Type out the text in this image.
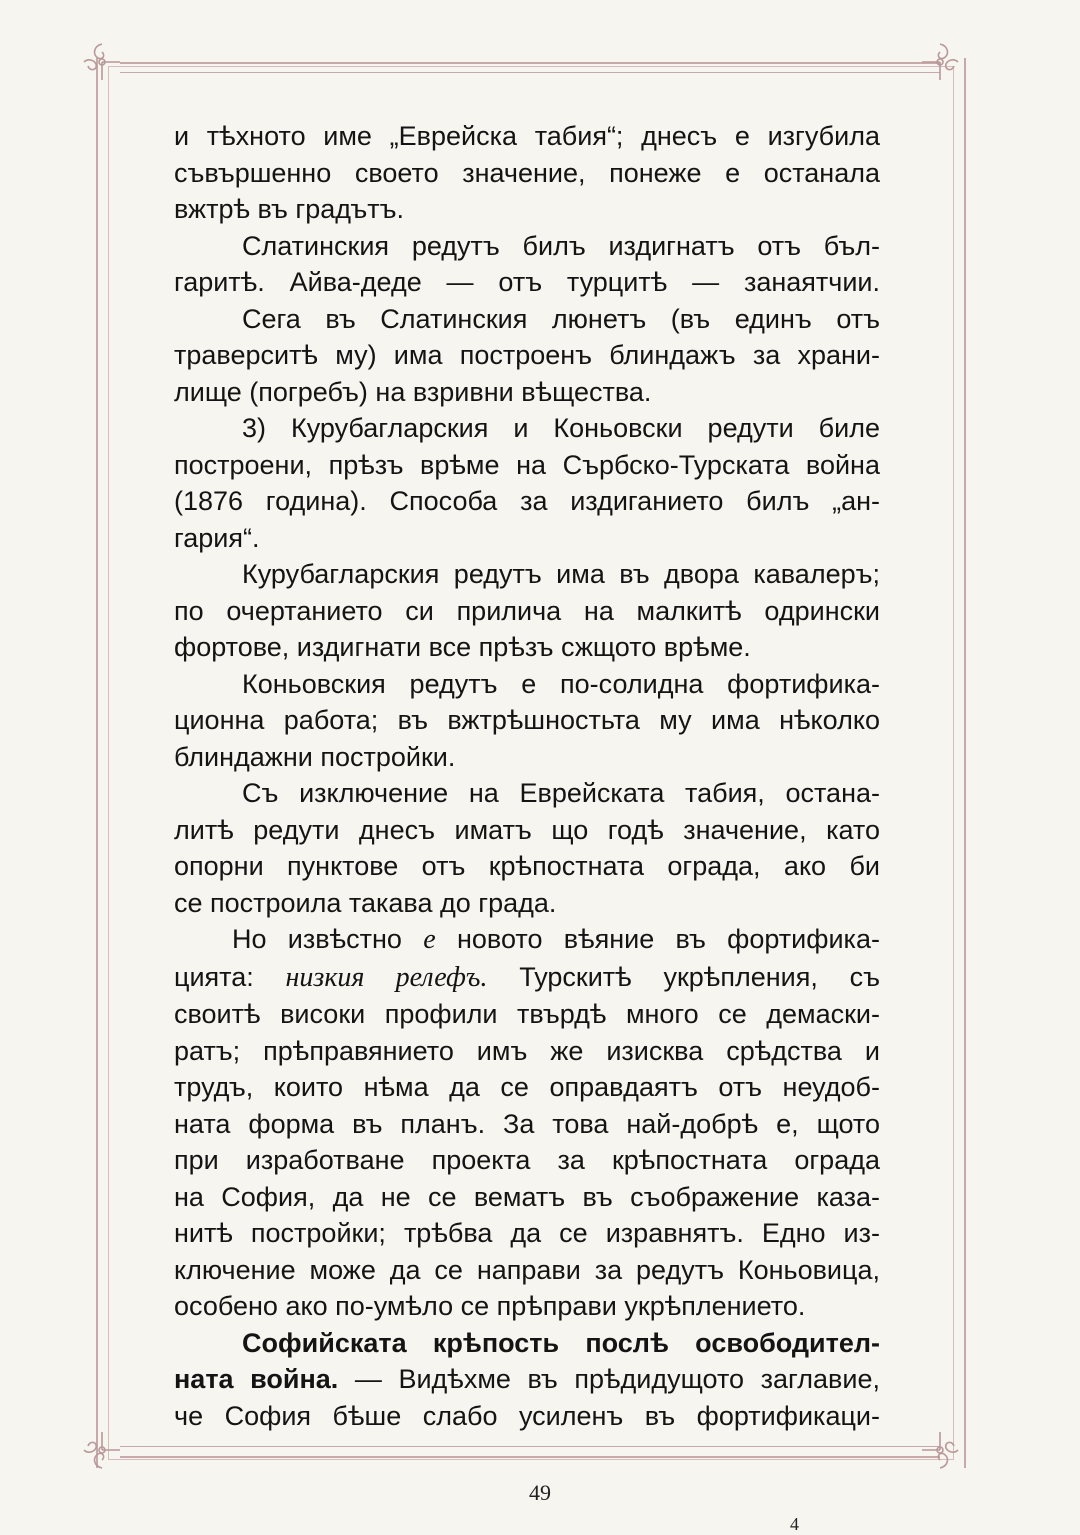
и тѣхното име „Еврейска табия“; днесъ е изгубила
съвършенно своето значение, понеже е останала
вжтрѣ въ градътъ.
Слатинския редутъ билъ издигнатъ отъ бъл-
гаритѣ. Айва-деде — отъ турцитѣ — занаятчии.
Сега въ Слатинския люнетъ (въ единъ отъ
траверситѣ му) има построенъ блиндажъ за храни-
лище (погребъ) на взривни вѣщества.
3) Курубагларския и Коньовски редути биле
построени, прѣзъ врѣме на Сърбско-Турската война
(1876 година). Способа за издиганието билъ „ан-
гария“.
Курубагларския редутъ има въ двора кавалеръ;
по очертанието си прилича на малкитѣ одрински
фортове, издигнати все прѣзъ сжщото врѣме.
Коньовския редутъ е по-солидна фортифика-
ционна работа; въ вжтрѣшностьта му има нѣколко
блиндажни постройки.
Съ изключение на Еврейската табия, остана-
литѣ редути днесъ иматъ що годѣ значение, като
опорни пунктове отъ крѣпостната ограда, ако би
се построила такава до града.
Но извѣстно е новото вѣяние въ фортифика-
цията: низкия релефъ. Турскитѣ укрѣпления, съ
своитѣ високи профили твърдѣ много се демаски-
ратъ; прѣправянието имъ же изисква срѣдства и
трудъ, които нѣма да се оправдаятъ отъ неудоб-
ната форма въ планъ. За това най-добрѣ е, щото
при изработване проекта за крѣпостната ограда
на София, да не се вематъ въ съображение каза-
нитѣ постройки; трѣбва да се изравнятъ. Едно из-
ключение може да се направи за редутъ Коньовица,
особено ако по-умѣло се прѣправи укрѣплението.
Софийската крѣпость послѣ освободител-
ната война. — Видѣхме въ прѣдидущото заглавие,
че София бѣше слабо усиленъ въ фортификаци-
49
4
